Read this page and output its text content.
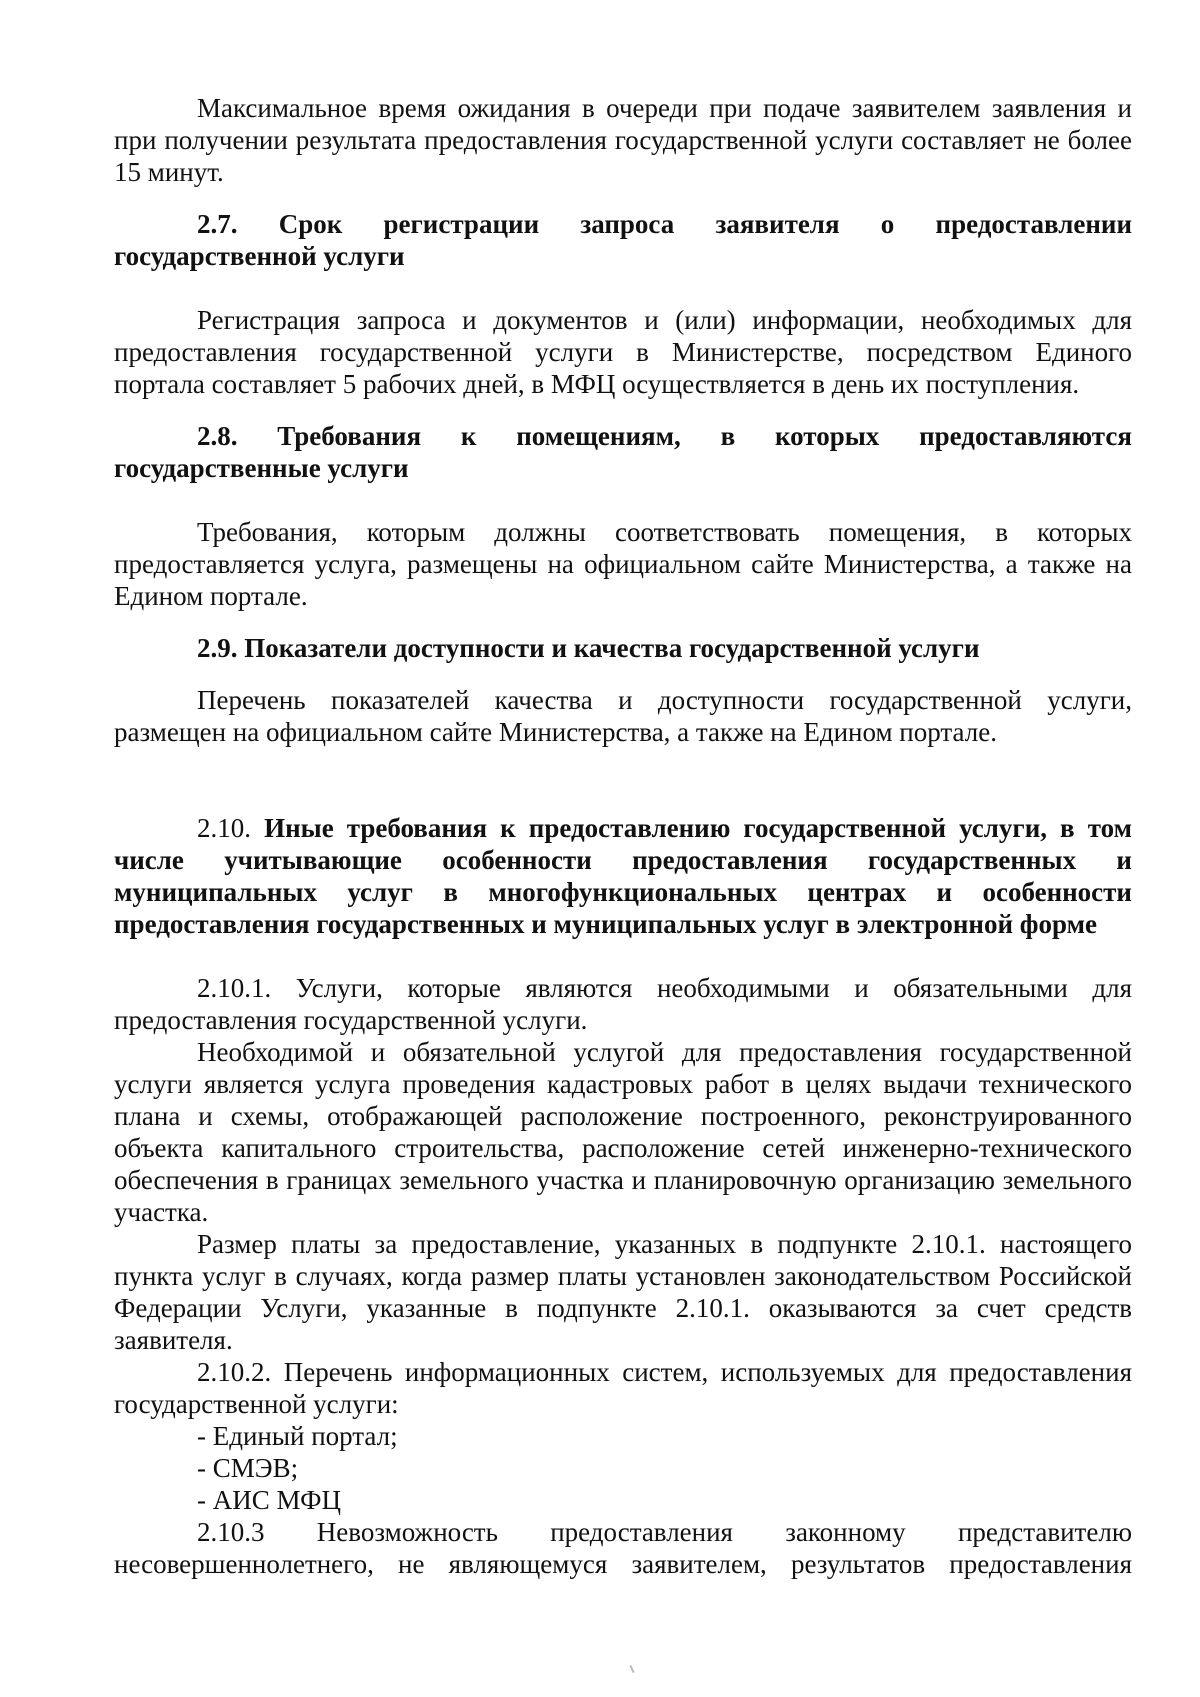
Максимальное время ожидания в очереди при подаче заявителем заявления и при получении результата предоставления государственной услуги составляет не более 15 минут.

2.7. Срок регистрации запроса заявителя о предоставлении государственной услуги

Регистрация запроса и документов и (или) информации, необходимых для предоставления государственной услуги в Министерстве, посредством Единого портала составляет 5 рабочих дней, в МФЦ осуществляется в день их поступления.

2.8. Требования к помещениям, в которых предоставляются государственные услуги

Требования, которым должны соответствовать помещения, в которых предоставляется услуга, размещены на официальном сайте Министерства, а также на Едином портале.

2.9. Показатели доступности и качества государственной услуги

Перечень показателей качества и доступности государственной услуги, размещен на официальном сайте Министерства, а также на Едином портале.

2.10. Иные требования к предоставлению государственной услуги, в том числе учитывающие особенности предоставления государственных и муниципальных услуг в многофункциональных центрах и особенности предоставления государственных и муниципальных услуг в электронной форме

2.10.1. Услуги, которые являются необходимыми и обязательными для предоставления государственной услуги.

Необходимой и обязательной услугой для предоставления государственной услуги является услуга проведения кадастровых работ в целях выдачи технического плана и схемы, отображающей расположение построенного, реконструированного объекта капитального строительства, расположение сетей инженерно-технического обеспечения в границах земельного участка и планировочную организацию земельного участка.

Размер платы за предоставление, указанных в подпункте 2.10.1. настоящего пункта услуг в случаях, когда размер платы установлен законодательством Российской Федерации Услуги, указанные в подпункте 2.10.1. оказываются за счет средств заявителя.

2.10.2. Перечень информационных систем, используемых для предоставления государственной услуги:

- Единый портал;

- СМЭВ;

- АИС МФЦ

2.10.3 Невозможность предоставления законному представителю несовершеннолетнего, не являющемуся заявителем, результатов предоставления
